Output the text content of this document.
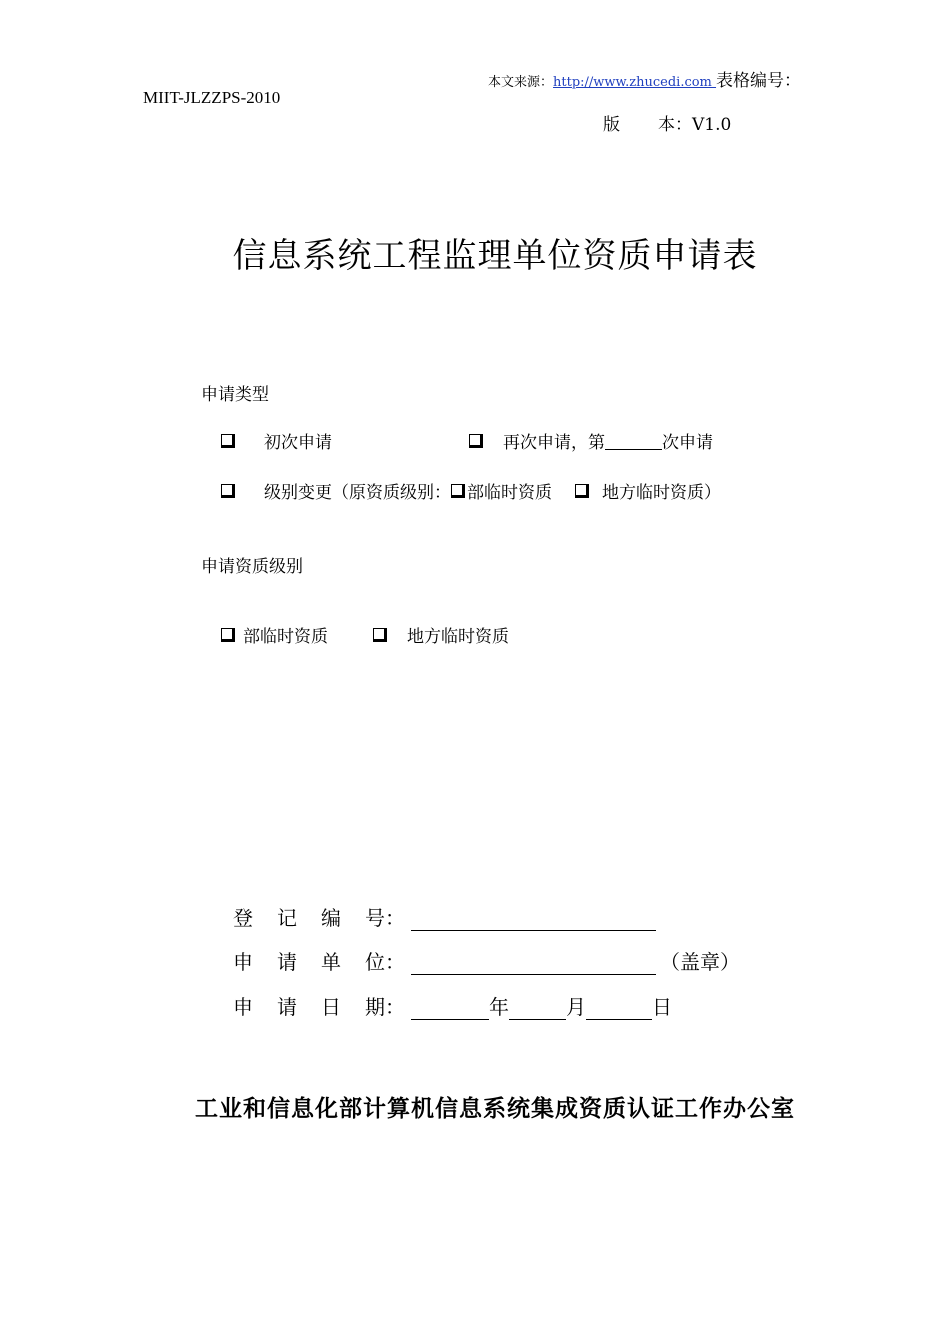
本文来源：http://www.zhucedi.com 表格编号：
MIIT-JLZZPS-2010
版 本：V1.0
信息系统工程监理单位资质申请表
申请类型
初次申请	再次申请，第	次申请
级别变更（原资质级别： 部临时资质	地方临时资质）
申请资质级别
部临时资质	地方临时资质
登 记 编 号：
申 请 单 位：	（盖章）
申 请 日 期：	年	月	日
工业和信息化部计算机信息系统集成资质认证工作办公室
